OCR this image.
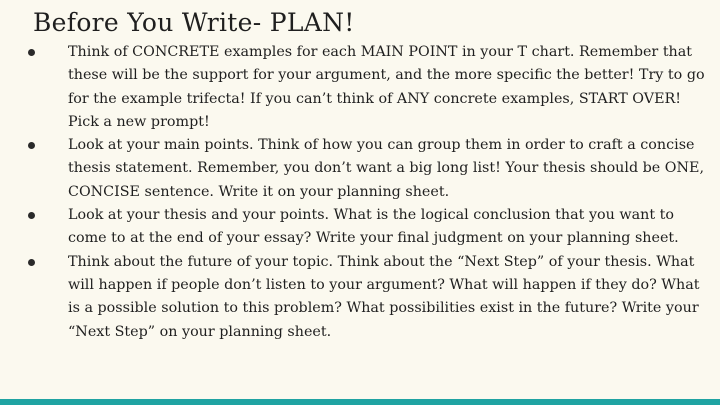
Before You Write- PLAN!
Think of CONCRETE examples for each MAIN POINT in your T chart. Remember that these will be the support for your argument, and the more specific the better! Try to go for the example trifecta! If you can’t think of ANY concrete examples, START OVER! Pick a new prompt!
Look at your main points. Think of how you can group them in order to craft a concise thesis statement. Remember, you don’t want a big long list! Your thesis should be ONE, CONCISE sentence. Write it on your planning sheet.
Look at your thesis and your points. What is the logical conclusion that you want to come to at the end of your essay? Write your final judgment on your planning sheet.
Think about the future of your topic. Think about the “Next Step” of your thesis. What will happen if people don’t listen to your argument? What will happen if they do? What is a possible solution to this problem? What possibilities exist in the future? Write your “Next Step” on your planning sheet.
